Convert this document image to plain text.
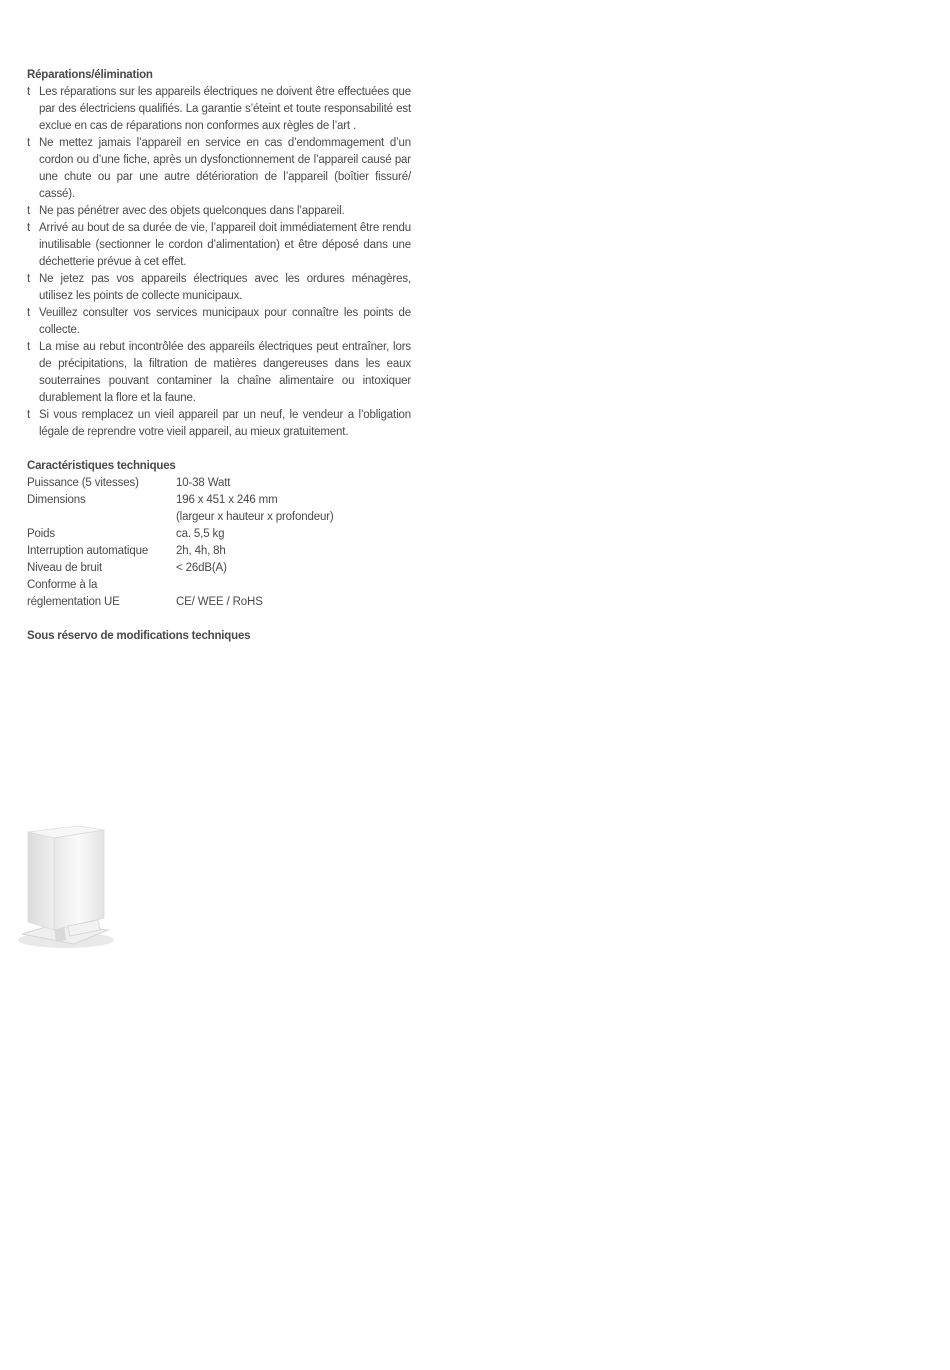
Réparations/élimination
t Les réparations sur les appareils électriques ne doivent être effectuées que par des électriciens qualifiés. La garantie s’éteint et toute responsabilité est exclue en cas de réparations non conformes aux règles de l’art .
t Ne mettez jamais l’appareil en service en cas d’endommagement d’un cordon ou d’une fiche, après un dysfonctionnement de l’appareil causé par une chute ou par une autre détérioration de l’appareil (boîtier fissuré/ cassé).
t Ne pas pénétrer avec des objets quelconques dans l’appareil.
t Arrivé au bout de sa durée de vie, l’appareil doit immédiatement être rendu inutilisable (sectionner le cordon d’alimentation) et être déposé dans une déchetterie prévue à cet effet.
t Ne jetez pas vos appareils électriques avec les ordures ménagères, utilisez les points de collecte municipaux.
t Veuillez consulter vos services municipaux pour connaître les points de collecte.
t La mise au rebut incontrôlée des appareils électriques peut entraîner, lors de précipitations, la filtration de matières dangereuses dans les eaux souterraines pouvant contaminer la chaîne alimentaire ou intoxiquer durablement la flore et la faune.
t Si vous remplacez un vieil appareil par un neuf, le vendeur a l’obligation légale de reprendre votre vieil appareil, au mieux gratuitement.
Caractéristiques techniques
Puissance (5 vitesses)	10-38 Watt
Dimensions	196 x 451 x 246 mm
	(largeur x hauteur x profondeur)
Poids	ca. 5,5 kg
Interruption automatique	2h, 4h, 8h
Niveau de bruit	< 26dB(A)
Conforme à la	
réglementation UE	CE/ WEE / RoHS

Sous réservo de modifications techniques
